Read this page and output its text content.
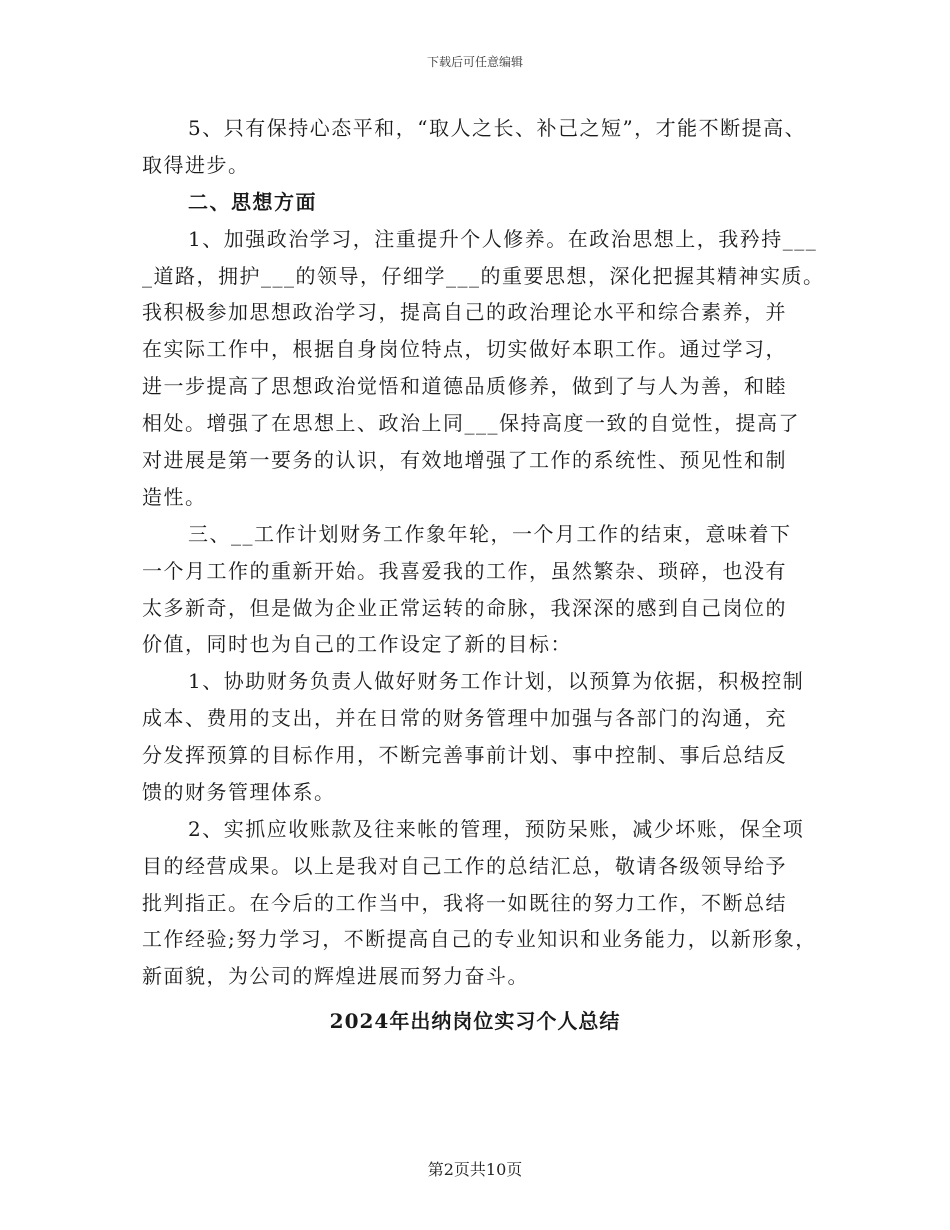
下载后可任意编辑
5、只有保持心态平和，“取人之长、补己之短”，才能不断提高、
取得进步。
二、思想方面
1、加强政治学习，注重提升个人修养。在政治思想上，我矜持___
_道路，拥护___的领导，仔细学___的重要思想，深化把握其精神实质。
我积极参加思想政治学习，提高自己的政治理论水平和综合素养，并
在实际工作中，根据自身岗位特点，切实做好本职工作。通过学习，
进一步提高了思想政治觉悟和道德品质修养，做到了与人为善，和睦
相处。增强了在思想上、政治上同___保持高度一致的自觉性，提高了
对进展是第一要务的认识，有效地增强了工作的系统性、预见性和制
造性。
三、__工作计划财务工作象年轮，一个月工作的结束，意味着下
一个月工作的重新开始。我喜爱我的工作，虽然繁杂、琐碎，也没有
太多新奇，但是做为企业正常运转的命脉，我深深的感到自己岗位的
价值，同时也为自己的工作设定了新的目标：
1、协助财务负责人做好财务工作计划，以预算为依据，积极控制
成本、费用的支出，并在日常的财务管理中加强与各部门的沟通，充
分发挥预算的目标作用，不断完善事前计划、事中控制、事后总结反
馈的财务管理体系。
2、实抓应收账款及往来帐的管理，预防呆账，减少坏账，保全项
目的经营成果。以上是我对自己工作的总结汇总，敬请各级领导给予
批判指正。在今后的工作当中，我将一如既往的努力工作，不断总结
工作经验;努力学习，不断提高自己的专业知识和业务能力，以新形象，
新面貌，为公司的辉煌进展而努力奋斗。
2024年出纳岗位实习个人总结
第2页共10页
